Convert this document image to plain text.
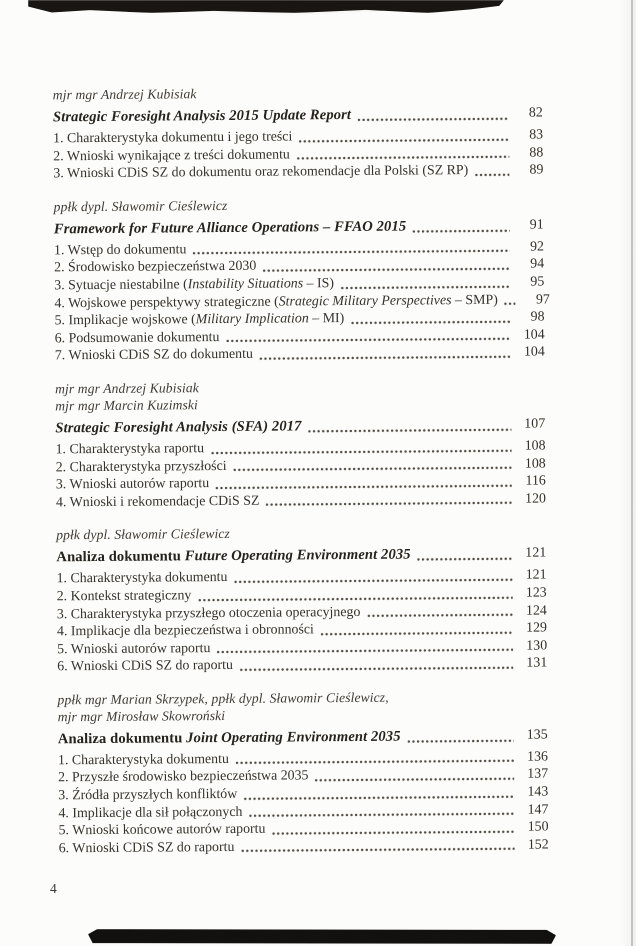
mjr mgr Andrzej Kubisiak
Strategic Foresight Analysis 2015 Update Report	82
1. Charakterystyka dokumentu i jego treści	83
2. Wnioski wynikające z treści dokumentu	88
3. Wnioski CDiS SZ do dokumentu oraz rekomendacje dla Polski (SZ RP)	89
ppłk dypl. Sławomir Cieślewicz
Framework for Future Alliance Operations – FFAO 2015	91
1. Wstęp do dokumentu	92
2. Środowisko bezpieczeństwa 2030	94
3. Sytuacje niestabilne (Instability Situations – IS)	95
4. Wojskowe perspektywy strategiczne (Strategic Military Perspectives – SMP)	97
5. Implikacje wojskowe (Military Implication – MI)	98
6. Podsumowanie dokumentu	104
7. Wnioski CDiS SZ do dokumentu	104
mjr mgr Andrzej Kubisiak
mjr mgr Marcin Kuzimski
Strategic Foresight Analysis (SFA) 2017	107
1. Charakterystyka raportu	108
2. Charakterystyka przyszłości	108
3. Wnioski autorów raportu	116
4. Wnioski i rekomendacje CDiS SZ	120
ppłk dypl. Sławomir Cieślewicz
Analiza dokumentu Future Operating Environment 2035	121
1. Charakterystyka dokumentu	121
2. Kontekst strategiczny	123
3. Charakterystyka przyszłego otoczenia operacyjnego	124
4. Implikacje dla bezpieczeństwa i obronności	129
5. Wnioski autorów raportu	130
6. Wnioski CDiS SZ do raportu	131
ppłk mgr Marian Skrzypek, ppłk dypl. Sławomir Cieślewicz,
mjr mgr Mirosław Skowroński
Analiza dokumentu Joint Operating Environment 2035	135
1. Charakterystyka dokumentu	136
2. Przyszłe środowisko bezpieczeństwa 2035	137
3. Źródła przyszłych konfliktów	143
4. Implikacje dla sił połączonych	147
5. Wnioski końcowe autorów raportu	150
6. Wnioski CDiS SZ do raportu	152
4
